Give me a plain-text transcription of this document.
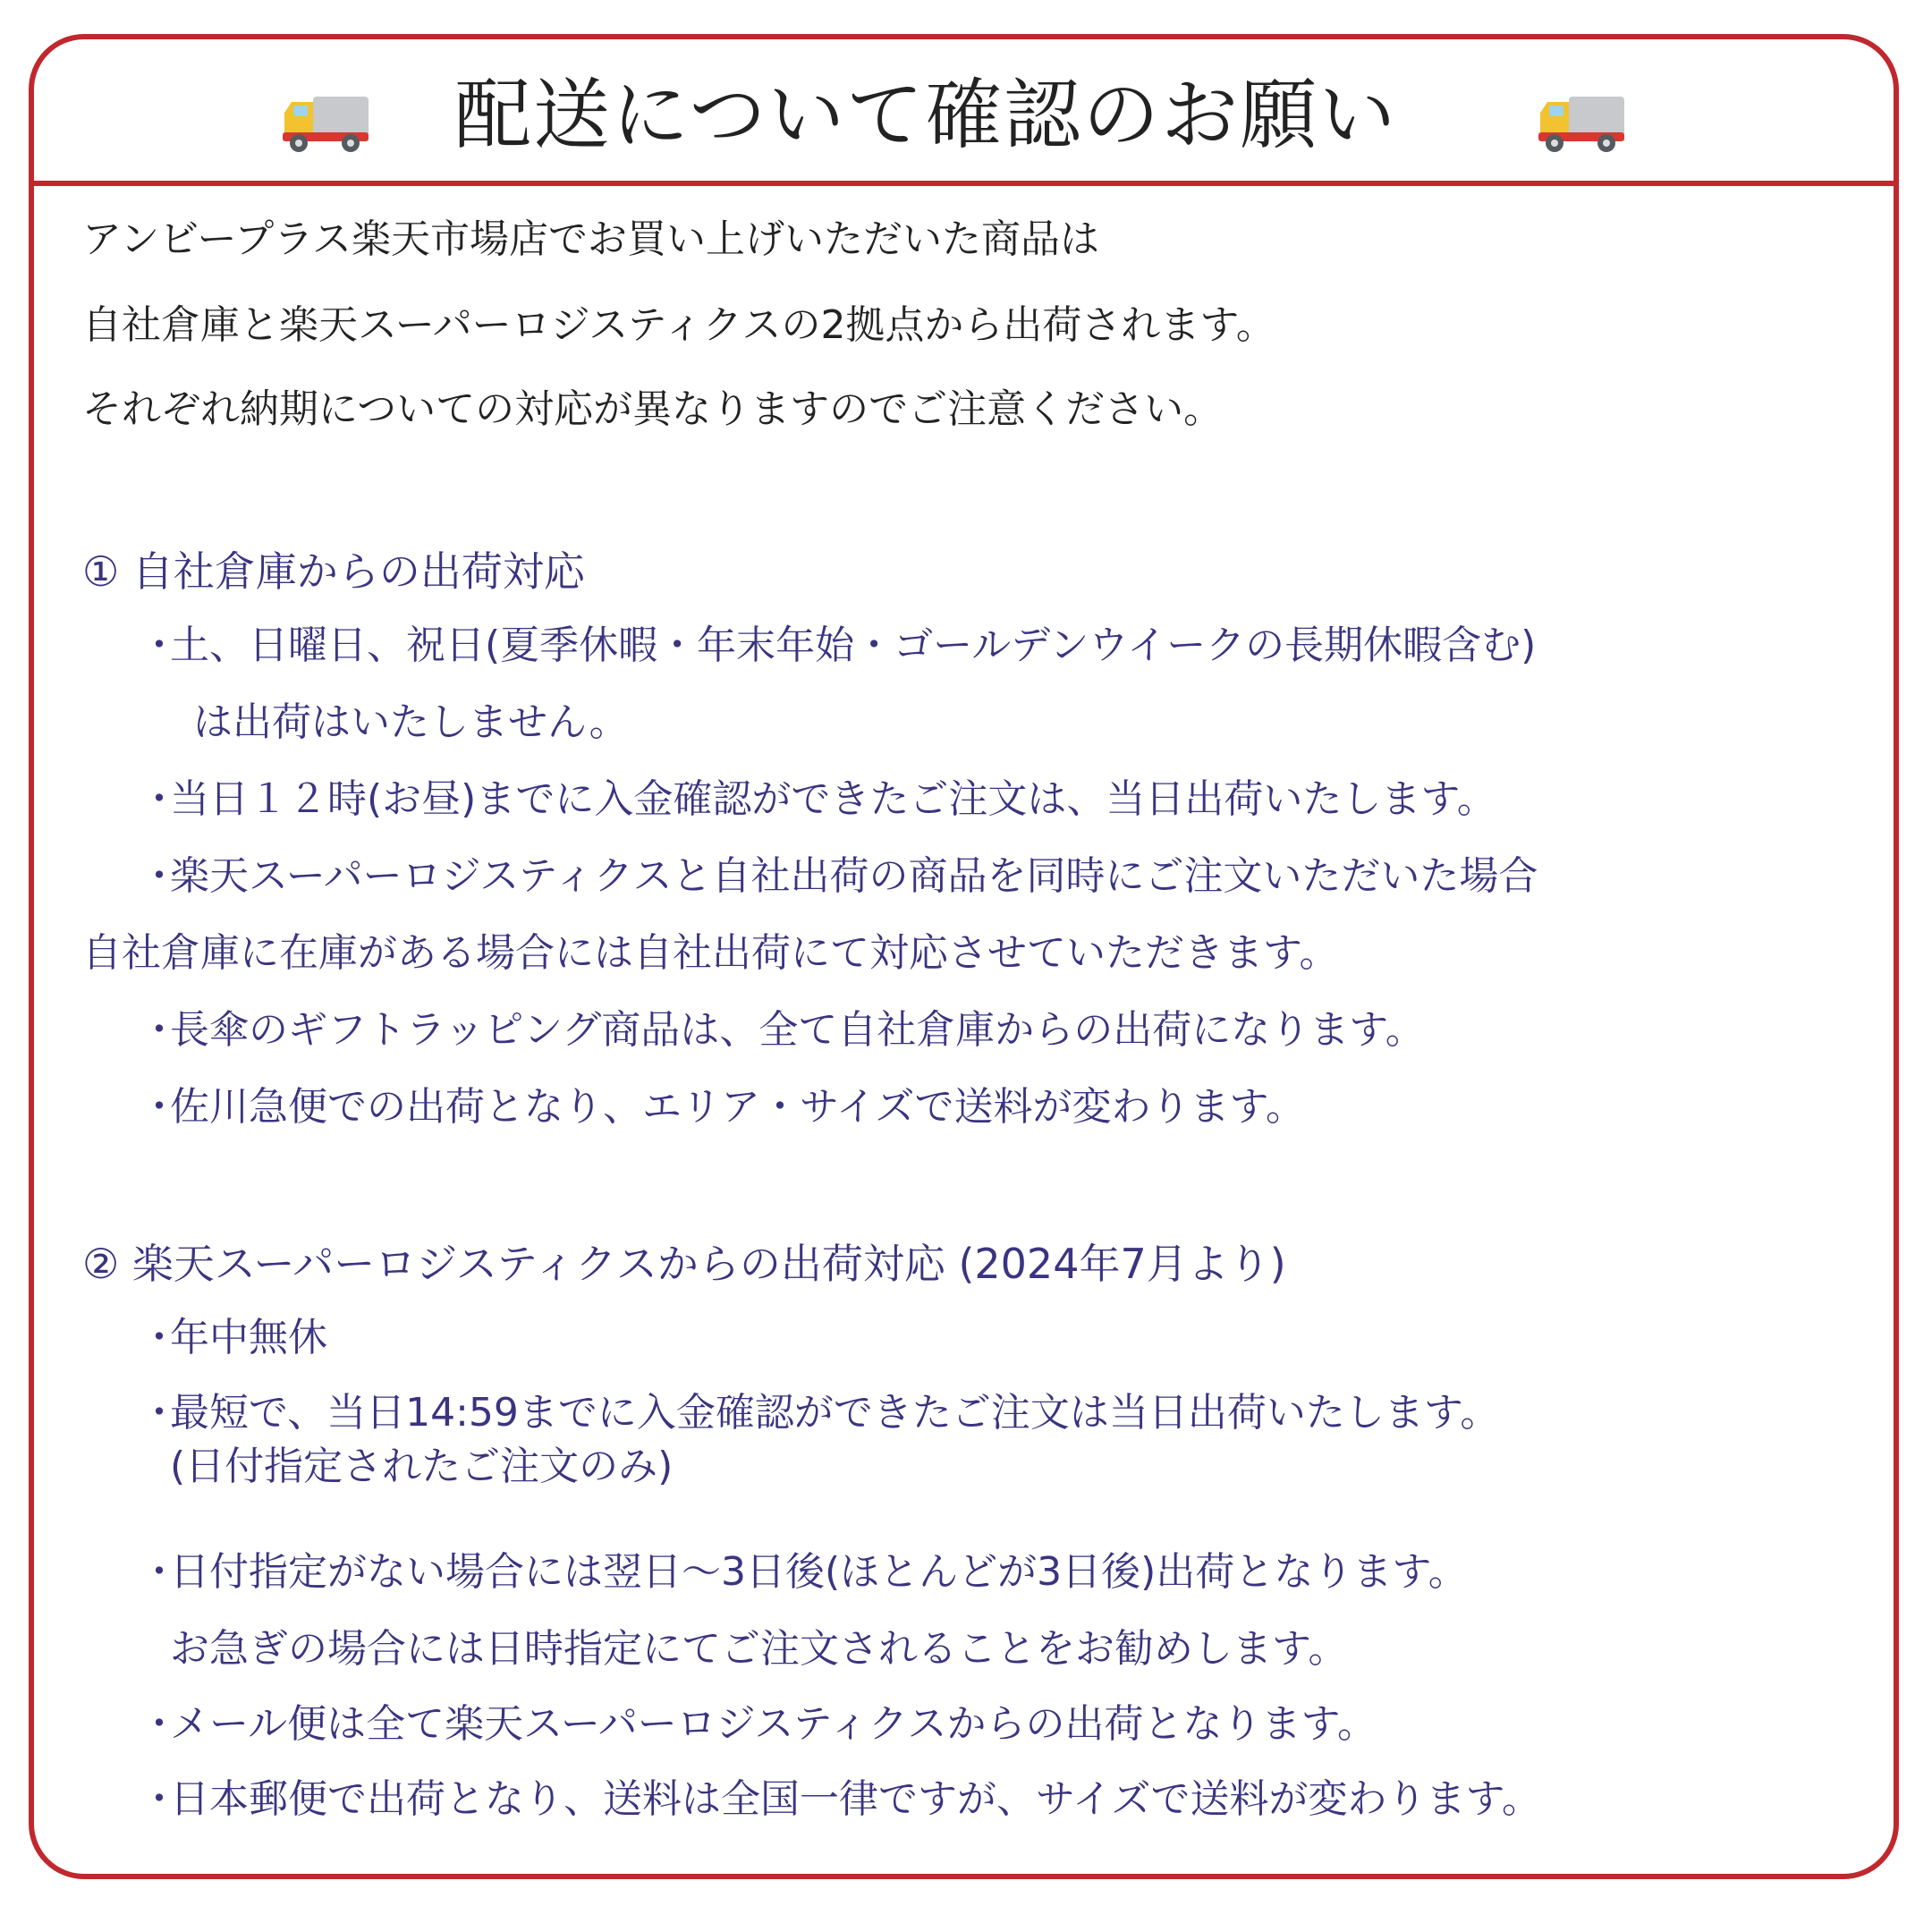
配送について確認のお願い
アンビープラス楽天市場店でお買い上げいただいた商品は
自社倉庫と楽天スーパーロジスティクスの2拠点から出荷されます。
それぞれ納期についての対応が異なりますのでご注意ください。
① 自社倉庫からの出荷対応
・土、日曜日、祝日(夏季休暇・年末年始・ゴールデンウイークの長期休暇含む)
は出荷はいたしません。
・当日１２時(お昼)までに入金確認ができたご注文は、当日出荷いたします。
・楽天スーパーロジスティクスと自社出荷の商品を同時にご注文いただいた場合
自社倉庫に在庫がある場合には自社出荷にて対応させていただきます。
・長傘のギフトラッピング商品は、全て自社倉庫からの出荷になります。
・佐川急便での出荷となり、エリア・サイズで送料が変わります。
② 楽天スーパーロジスティクスからの出荷対応 (2024年7月より)
・年中無休
・最短で、当日14:59までに入金確認ができたご注文は当日出荷いたします。
(日付指定されたご注文のみ)
・日付指定がない場合には翌日〜3日後(ほとんどが3日後)出荷となります。
お急ぎの場合には日時指定にてご注文されることをお勧めします。
・メール便は全て楽天スーパーロジスティクスからの出荷となります。
・日本郵便で出荷となり、送料は全国一律ですが、サイズで送料が変わります。
